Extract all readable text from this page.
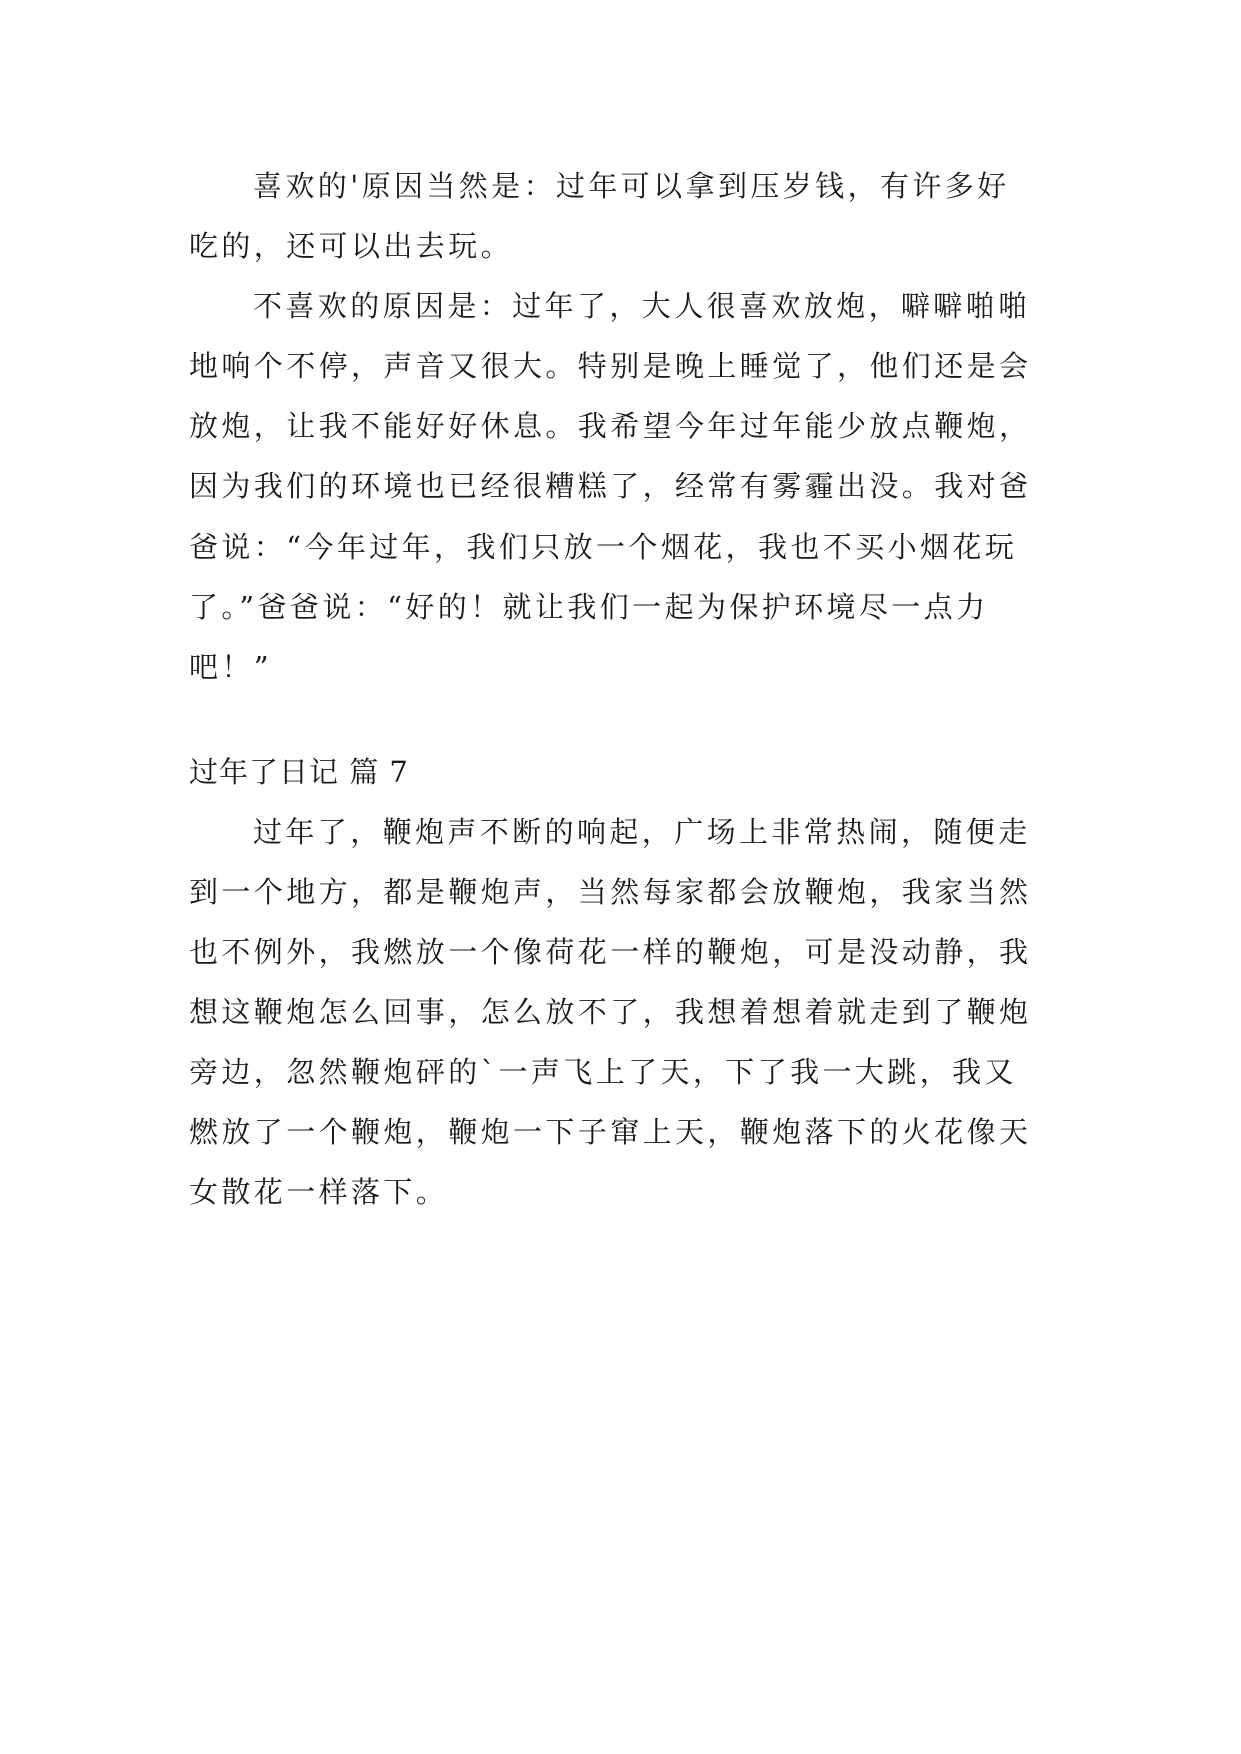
喜欢的'原因当然是：过年可以拿到压岁钱，有许多好
吃的，还可以出去玩。
不喜欢的原因是：过年了，大人很喜欢放炮，噼噼啪啪
地响个不停，声音又很大。特别是晚上睡觉了，他们还是会
放炮，让我不能好好休息。我希望今年过年能少放点鞭炮，
因为我们的环境也已经很糟糕了，经常有雾霾出没。我对爸
爸说：“今年过年，我们只放一个烟花，我也不买小烟花玩
了。”爸爸说：“好的！就让我们一起为保护环境尽一点力
吧！”
过年了日记 篇 7
过年了，鞭炮声不断的响起，广场上非常热闹，随便走
到一个地方，都是鞭炮声，当然每家都会放鞭炮，我家当然
也不例外，我燃放一个像荷花一样的鞭炮，可是没动静，我
想这鞭炮怎么回事，怎么放不了，我想着想着就走到了鞭炮
旁边，忽然鞭炮砰的`一声飞上了天，下了我一大跳，我又
燃放了一个鞭炮，鞭炮一下子窜上天，鞭炮落下的火花像天
女散花一样落下。
